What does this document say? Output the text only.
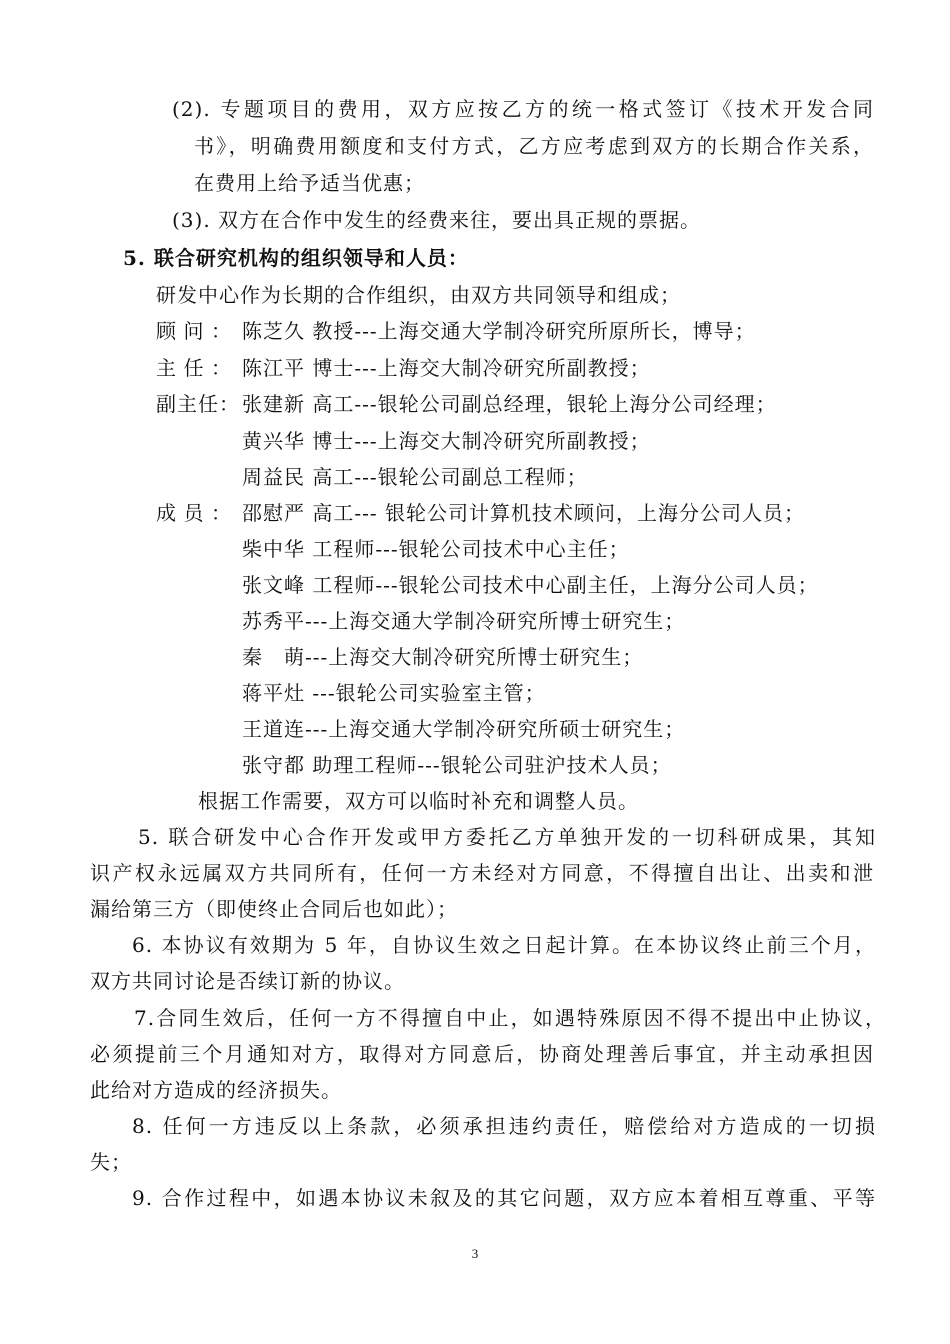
(2). 专题项目的费用，双方应按乙方的统一格式签订《技术开发合同
书》，明确费用额度和支付方式，乙方应考虑到双方的长期合作关系，
在费用上给予适当优惠；
(3). 双方在合作中发生的经费来往，要出具正规的票据。
5. 联合研究机构的组织领导和人员：
研发中心作为长期的合作组织，由双方共同领导和组成；
顾问： 陈芝久 教授---上海交通大学制冷研究所原所长，博导；
主任： 陈江平 博士---上海交大制冷研究所副教授；
副主任： 张建新 高工---银轮公司副总经理，银轮上海分公司经理；
黄兴华 博士---上海交大制冷研究所副教授；
周益民 高工---银轮公司副总工程师；
成员： 邵慰严 高工--- 银轮公司计算机技术顾问，上海分公司人员；
柴中华 工程师---银轮公司技术中心主任；
张文峰 工程师---银轮公司技术中心副主任，上海分公司人员；
苏秀平---上海交通大学制冷研究所博士研究生；
秦　萌---上海交大制冷研究所博士研究生；
蒋平灶 ---银轮公司实验室主管；
王道连---上海交通大学制冷研究所硕士研究生；
张守都 助理工程师---银轮公司驻沪技术人员；
根据工作需要，双方可以临时补充和调整人员。
5. 联合研发中心合作开发或甲方委托乙方单独开发的一切科研成果，其知
识产权永远属双方共同所有，任何一方未经对方同意，不得擅自出让、出卖和泄
漏给第三方（即使终止合同后也如此）；
6. 本协议有效期为 5 年，自协议生效之日起计算。在本协议终止前三个月，
双方共同讨论是否续订新的协议。
7.合同生效后，任何一方不得擅自中止，如遇特殊原因不得不提出中止协议，
必须提前三个月通知对方，取得对方同意后，协商处理善后事宜，并主动承担因
此给对方造成的经济损失。
8. 任何一方违反以上条款，必须承担违约责任，赔偿给对方造成的一切损
失；
9. 合作过程中，如遇本协议未叙及的其它问题，双方应本着相互尊重、平等
3
